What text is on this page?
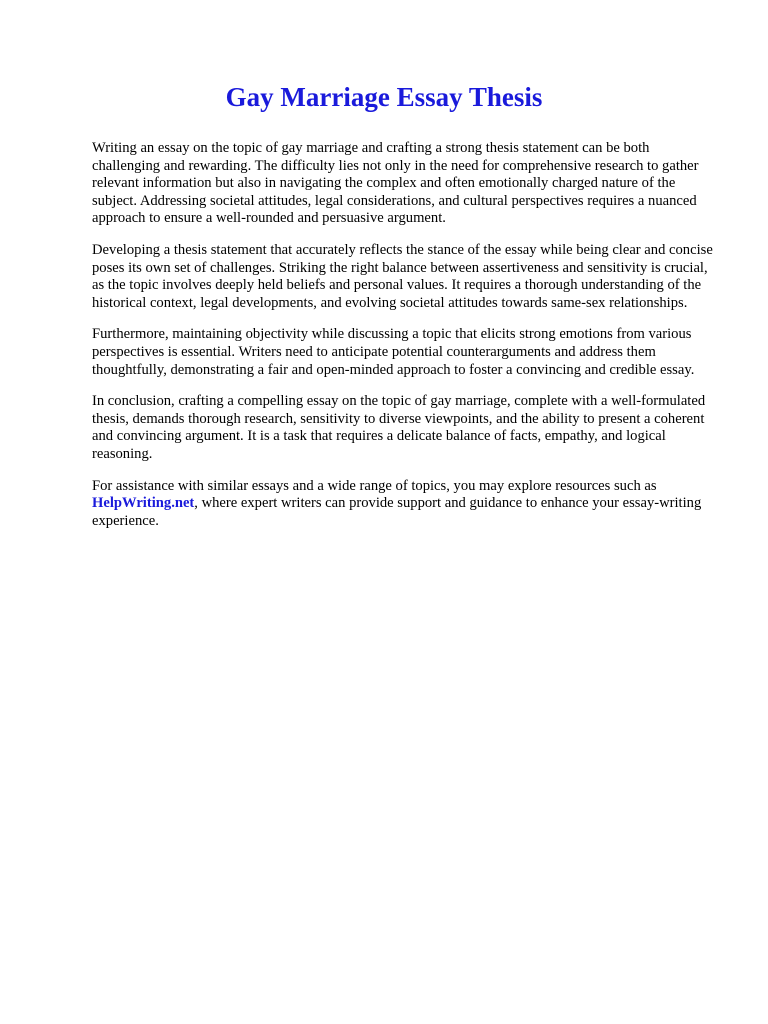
Gay Marriage Essay Thesis

Writing an essay on the topic of gay marriage and crafting a strong thesis statement can be both challenging and rewarding. The difficulty lies not only in the need for comprehensive research to gather relevant information but also in navigating the complex and often emotionally charged nature of the subject. Addressing societal attitudes, legal considerations, and cultural perspectives requires a nuanced approach to ensure a well-rounded and persuasive argument.

Developing a thesis statement that accurately reflects the stance of the essay while being clear and concise poses its own set of challenges. Striking the right balance between assertiveness and sensitivity is crucial, as the topic involves deeply held beliefs and personal values. It requires a thorough understanding of the historical context, legal developments, and evolving societal attitudes towards same-sex relationships.

Furthermore, maintaining objectivity while discussing a topic that elicits strong emotions from various perspectives is essential. Writers need to anticipate potential counterarguments and address them thoughtfully, demonstrating a fair and open-minded approach to foster a convincing and credible essay.

In conclusion, crafting a compelling essay on the topic of gay marriage, complete with a well-formulated thesis, demands thorough research, sensitivity to diverse viewpoints, and the ability to present a coherent and convincing argument. It is a task that requires a delicate balance of facts, empathy, and logical reasoning.

For assistance with similar essays and a wide range of topics, you may explore resources such as HelpWriting.net, where expert writers can provide support and guidance to enhance your essay-writing experience.
